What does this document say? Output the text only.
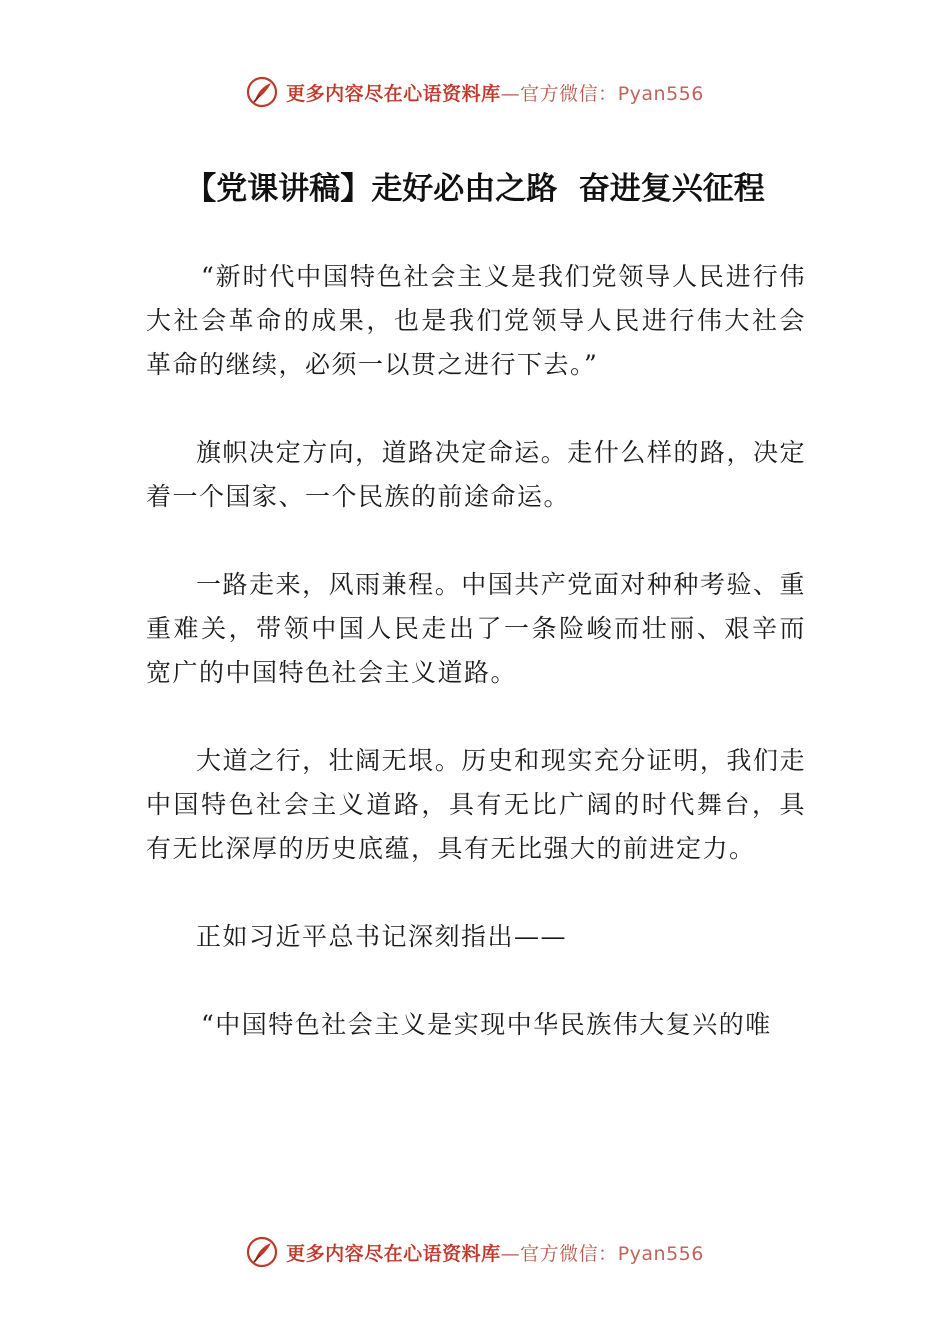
更多内容尽在心语资料库—官方微信：Pyan556
【党课讲稿】走好必由之路  奋进复兴征程

“新时代中国特色社会主义是我们党领导人民进行伟大社会革命的成果，也是我们党领导人民进行伟大社会革命的继续，必须一以贯之进行下去。”

旗帜决定方向，道路决定命运。走什么样的路，决定着一个国家、一个民族的前途命运。

一路走来，风雨兼程。中国共产党面对种种考验、重重难关，带领中国人民走出了一条险峻而壮丽、艰辛而宽广的中国特色社会主义道路。

大道之行，壮阔无垠。历史和现实充分证明，我们走中国特色社会主义道路，具有无比广阔的时代舞台，具有无比深厚的历史底蕴，具有无比强大的前进定力。

正如习近平总书记深刻指出——

“中国特色社会主义是实现中华民族伟大复兴的唯

更多内容尽在心语资料库—官方微信：Pyan556
